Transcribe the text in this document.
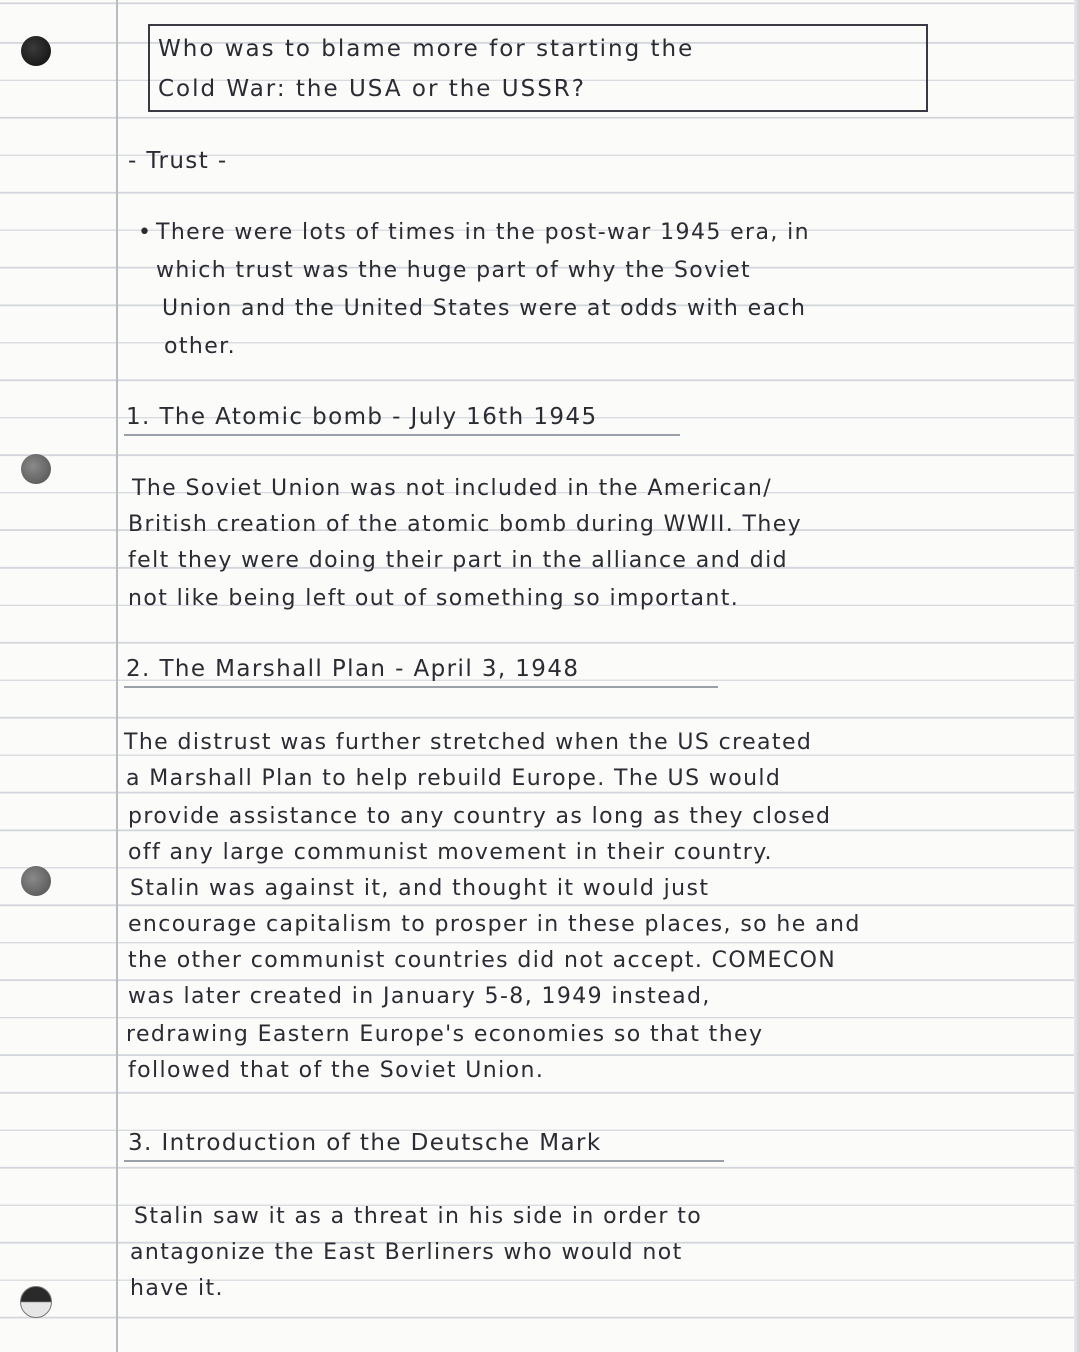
Who was to blame more for starting the
Cold War: the USA or the USSR?
- Trust -
• There were lots of times in the post-war 1945 era, in
which trust was the huge part of why the Soviet
Union and the United States were at odds with each
other.
1. The Atomic bomb - July 16th 1945
The Soviet Union was not included in the American/
British creation of the atomic bomb during WWII. They
felt they were doing their part in the alliance and did
not like being left out of something so important.
2. The Marshall Plan - April 3, 1948
The distrust was further stretched when the US created
a Marshall Plan to help rebuild Europe. The US would
provide assistance to any country as long as they closed
off any large communist movement in their country.
Stalin was against it, and thought it would just
encourage capitalism to prosper in these places, so he and
the other communist countries did not accept. COMECON
was later created in January 5-8, 1949 instead,
redrawing Eastern Europe's economies so that they
followed that of the Soviet Union.
3. Introduction of the Deutsche Mark
Stalin saw it as a threat in his side in order to
antagonize the East Berliners who would not
have it.
